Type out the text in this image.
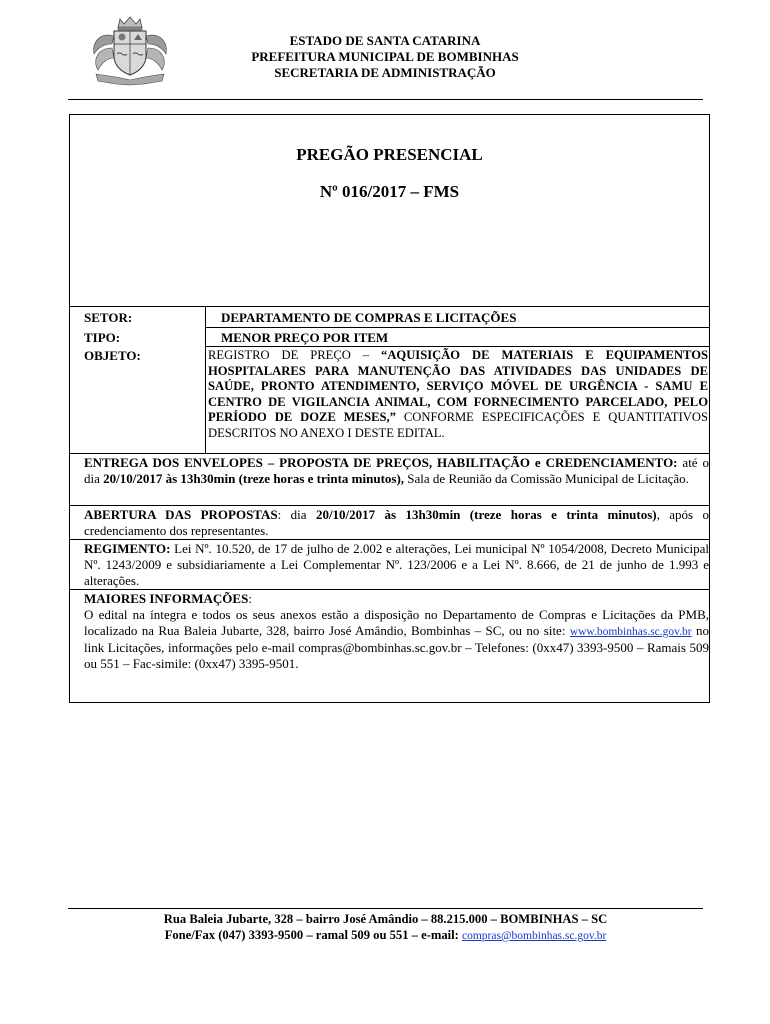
ESTADO DE SANTA CATARINA
PREFEITURA MUNICIPAL DE BOMBINHAS
SECRETARIA DE ADMINISTRAÇÃO
PREGÃO PRESENCIAL
Nº 016/2017 – FMS
SETOR:	DEPARTAMENTO DE COMPRAS E LICITAÇÕES
TIPO:	MENOR PREÇO POR ITEM
OBJETO:	REGISTRO DE PREÇO – “AQUISIÇÃO DE MATERIAIS E EQUIPAMENTOS HOSPITALARES PARA MANUTENÇÃO DAS ATIVIDADES DAS UNIDADES DE SAÚDE, PRONTO ATENDIMENTO, SERVIÇO MÓVEL DE URGÊNCIA - SAMU E CENTRO DE VIGILANCIA ANIMAL, COM FORNECIMENTO PARCELADO, PELO PERÍODO DE DOZE MESES,” CONFORME ESPECIFICAÇÕES E QUANTITATIVOS DESCRITOS NO ANEXO I DESTE EDITAL.
ENTREGA DOS ENVELOPES – PROPOSTA DE PREÇOS, HABILITAÇÃO e CREDENCIAMENTO: até o dia 20/10/2017 às 13h30min (treze horas e trinta minutos), Sala de Reunião da Comissão Municipal de Licitação.
ABERTURA DAS PROPOSTAS: dia 20/10/2017 às 13h30min (treze horas e trinta minutos), após o credenciamento dos representantes.
REGIMENTO: Lei Nº. 10.520, de 17 de julho de 2.002 e alterações, Lei municipal Nº 1054/2008, Decreto Municipal Nº. 1243/2009 e subsidiariamente a Lei Complementar Nº. 123/2006 e a Lei Nº. 8.666, de 21 de junho de 1.993 e alterações.
MAIORES INFORMAÇÕES:
O edital na íntegra e todos os seus anexos estão a disposição no Departamento de Compras e Licitações da PMB, localizado na Rua Baleia Jubarte, 328, bairro José Amândio, Bombinhas – SC, ou no site: www.bombinhas.sc.gov.br no link Licitações, informações pelo e-mail compras@bombinhas.sc.gov.br – Telefones: (0xx47) 3393-9500 – Ramais 509 ou 551 – Fac-simile: (0xx47) 3395-9501.
Rua Baleia Jubarte, 328 – bairro José Amândio – 88.215.000 – BOMBINHAS – SC
Fone/Fax (047) 3393-9500 – ramal 509 ou 551 – e-mail: compras@bombinhas.sc.gov.br
